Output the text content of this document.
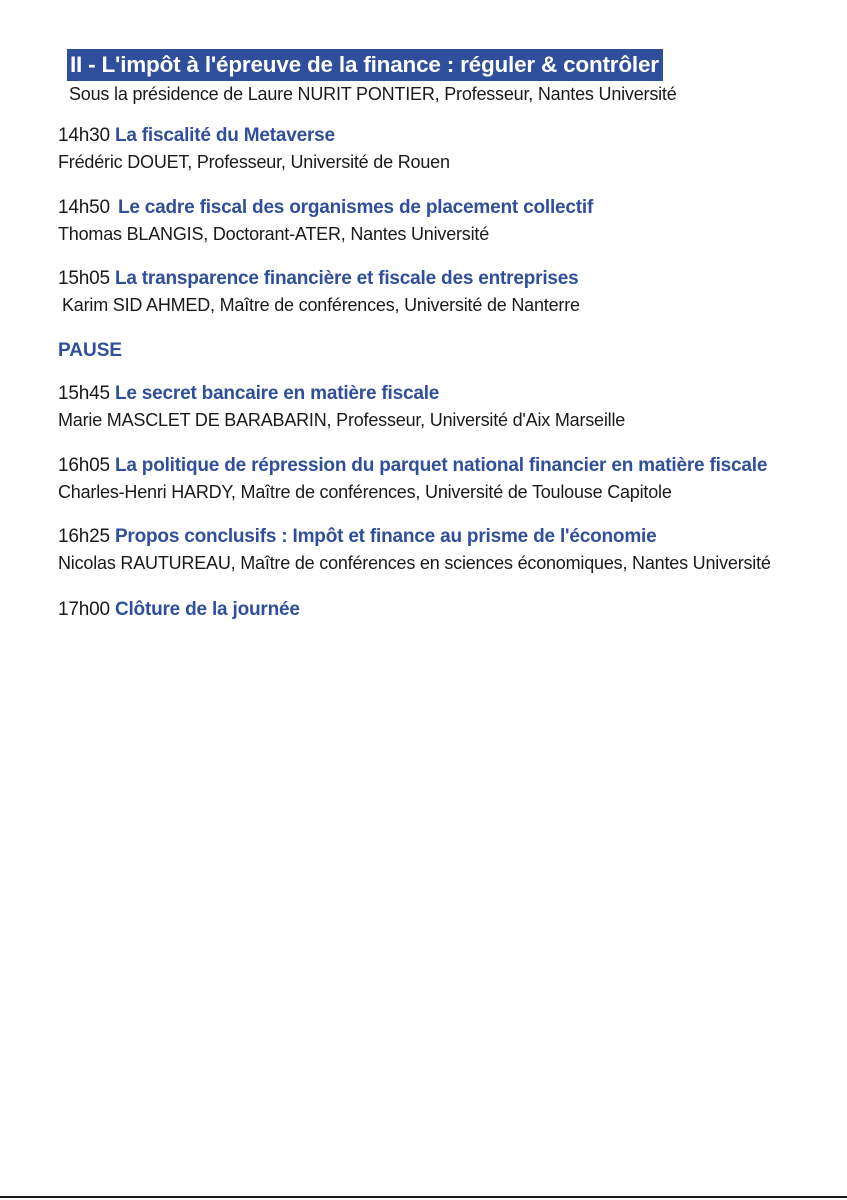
II - L'impôt à l'épreuve de la finance : réguler & contrôler
Sous la présidence de Laure NURIT PONTIER, Professeur, Nantes Université
14h30 La fiscalité du Metaverse
Frédéric DOUET, Professeur, Université de Rouen
14h50 Le cadre fiscal des organismes de placement collectif
Thomas BLANGIS, Doctorant-ATER, Nantes Université
15h05 La transparence financière et fiscale des entreprises
Karim SID AHMED, Maître de conférences, Université de Nanterre
PAUSE
15h45 Le secret bancaire en matière fiscale
Marie MASCLET DE BARABARIN, Professeur, Université d'Aix Marseille
16h05 La politique de répression du parquet national financier en matière fiscale
Charles-Henri HARDY, Maître de conférences, Université de Toulouse Capitole
16h25 Propos conclusifs : Impôt et finance au prisme de l'économie
Nicolas RAUTUREAU, Maître de conférences en sciences économiques, Nantes Université
17h00 Clôture de la journée
